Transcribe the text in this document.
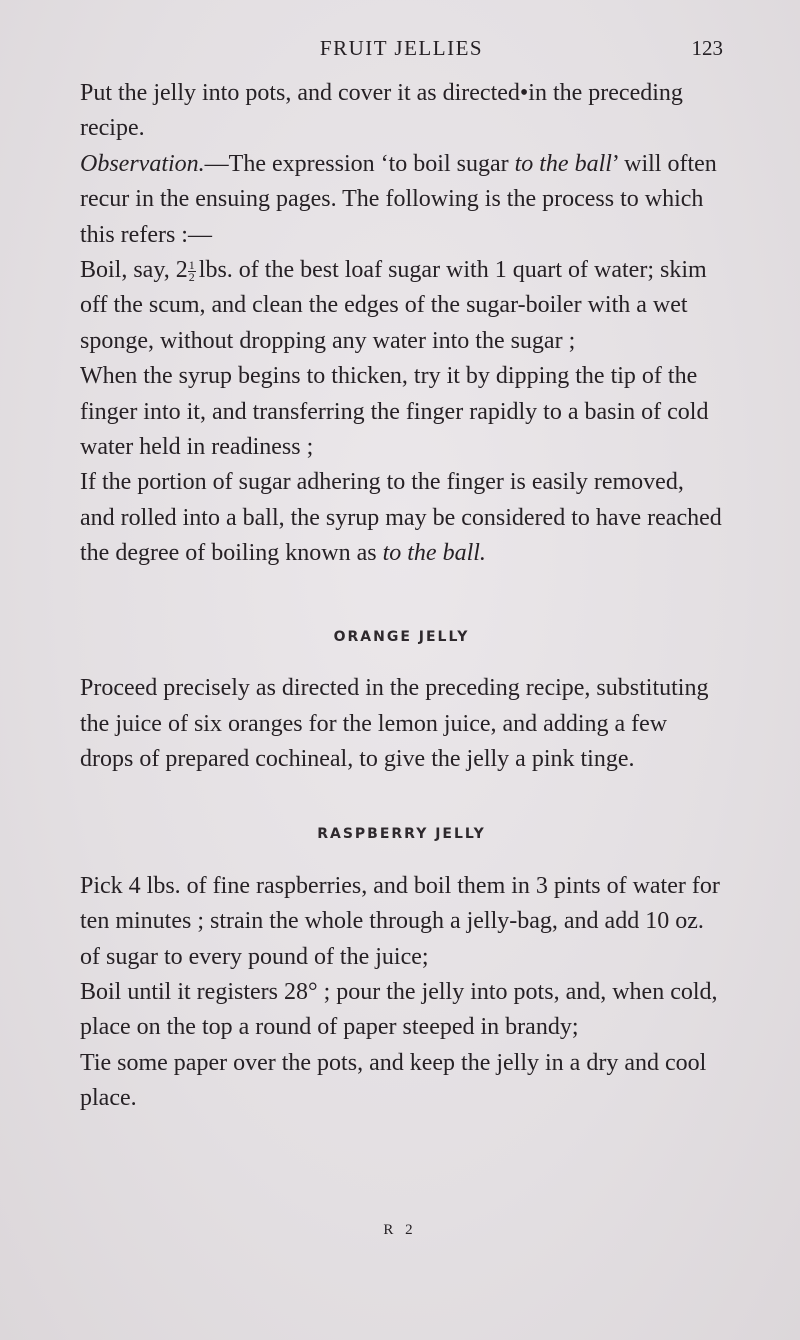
FRUIT JELLIES	123

Put the jelly into pots, and cover it as directed•in the preceding recipe.

Observation.—The expression ‘to boil sugar to the ball’ will often recur in the ensuing pages. The following is the process to which this refers :—

Boil, say, $2 \frac{1}{2}$ lbs. of the best loaf sugar with 1 quart of water; skim off the scum, and clean the edges of the sugar-boiler with a wet sponge, without dropping any water into the sugar ;

When the syrup begins to thicken, try it by dipping the tip of the finger into it, and transferring the finger rapidly to a basin of cold water held in readiness ;

If the portion of sugar adhering to the finger is easily removed, and rolled into a ball, the syrup may be considered to have reached the degree of boiling known as to the ball.

ORANGE JELLY

Proceed precisely as directed in the preceding recipe, substituting the juice of six oranges for the lemon juice, and adding a few drops of prepared cochineal, to give the jelly a pink tinge.

RASPBERRY JELLY

Pick 4 lbs. of fine raspberries, and boil them in 3 pints of water for ten minutes ; strain the whole through a jelly-bag, and add 10 oz. of sugar to every pound of the juice;

Boil until it registers 28° ; pour the jelly into pots, and, when cold, place on the top a round of paper steeped in brandy;

Tie some paper over the pots, and keep the jelly in a dry and cool place.

R 2
